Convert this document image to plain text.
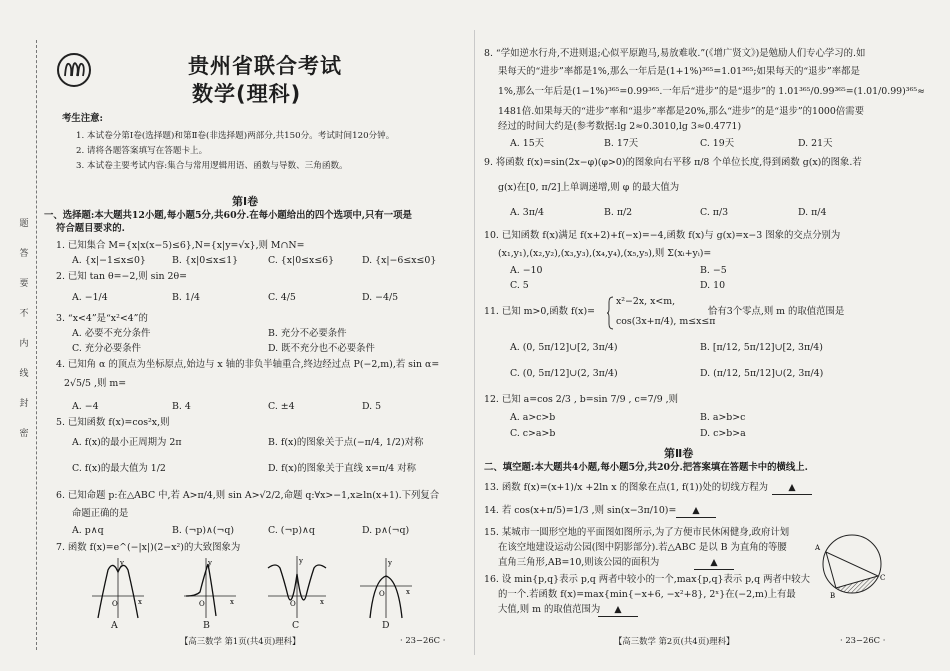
题
答
要
不
内
线
封
密
贵州省联合考试
数学(理科)
考生注意:
1. 本试卷分第Ⅰ卷(选择题)和第Ⅱ卷(非选择题)两部分,共150分。考试时间120分钟。
2. 请将各题答案填写在答题卡上。
3. 本试卷主要考试内容:集合与常用逻辑用语、函数与导数、三角函数。
第Ⅰ卷
一、选择题:本大题共12小题,每小题5分,共60分.在每小题给出的四个选项中,只有一项是
符合题目要求的.
1. 已知集合 M={x|x(x−5)≤6},N={x|y=√x},则 M∩N=
A. {x|−1≤x≤0}	B. {x|0≤x≤1}	C. {x|0≤x≤6}	D. {x|−6≤x≤0}
2. 已知 tan θ=−2,则 sin 2θ=
A. −1/4	B. 1/4	C. 4/5	D. −4/5
3. “x<4”是“x²<4”的
A. 必要不充分条件	B. 充分不必要条件
C. 充分必要条件	D. 既不充分也不必要条件
4. 已知角 α 的顶点为坐标原点,始边与 x 轴的非负半轴重合,终边经过点 P(−2,m),若 sin α=
2√5/5 ,则 m=
A. −4	B. 4	C. ±4	D. 5
5. 已知函数 f(x)=cos²x,则
A. f(x)的最小正周期为 2π	B. f(x)的图象关于点(−π/4, 1/2)对称
C. f(x)的最大值为 1/2	D. f(x)的图象关于直线 x=π/4 对称
6. 已知命题 p:在△ABC 中,若 A>π/4,则 sin A>√2/2,命题 q:∀x>−1,x≥ln(x+1).下列复合
命题正确的是
A. p∧q	B. (¬p)∧(¬q)	C. (¬p)∧q	D. p∧(¬q)
7. 函数 f(x)=e^(−|x|)(2−x²)的大致图象为
y
x
O
y
x
O
y
x
O
y
x
O
A	B	C	D
【高三数学 第1页(共4页)理科】	· 23−26C ·
8. “学如逆水行舟,不进则退;心似平原跑马,易放难收.”(《增广贤文》)是勉励人们专心学习的.如
果每天的“进步”率都是1%,那么一年后是(1+1%)³⁶⁵=1.01³⁶⁵;如果每天的“退步”率都是
1%,那么一年后是(1−1%)³⁶⁵=0.99³⁶⁵.一年后“进步”的是“退步”的 1.01³⁶⁵/0.99³⁶⁵=(1.01/0.99)³⁶⁵≈
1481倍.如果每天的“进步”率和“退步”率都是20%,那么“进步”的是“退步”的1000倍需要
经过的时间大约是(参考数据:lg 2≈0.3010,lg 3≈0.4771)
A. 15天	B. 17天	C. 19天	D. 21天
9. 将函数 f(x)=sin(2x−φ)(φ>0)的图象向右平移 π/8 个单位长度,得到函数 g(x)的图象.若
g(x)在[0, π/2]上单调递增,则 φ 的最大值为
A. 3π/4	B. π/2	C. π/3	D. π/4
10. 已知函数 f(x)满足 f(x+2)+f(−x)=−4,函数 f(x)与 g(x)=x−3 图象的交点分别为
(x₁,y₁),(x₂,y₂),(x₃,y₃),(x₄,y₄),(x₅,y₅),则 Σ(xᵢ+yᵢ)=
A. −10	B. −5
C. 5	D. 10
11. 已知 m>0,函数 f(x)=
x²−2x, x<m,
cos(3x+π/4), m≤x≤π
恰有3个零点,则 m 的取值范围是
A. (0, 5π/12]∪[2, 3π/4)	B. [π/12, 5π/12]∪[2, 3π/4)
C. (0, 5π/12]∪(2, 3π/4)	D. (π/12, 5π/12]∪(2, 3π/4)
12. 已知 a=cos 2/3 , b=sin 7/9 , c=7/9 ,则
A. a>c>b	B. a>b>c
C. c>a>b	D. c>b>a
第Ⅱ卷
二、填空题:本大题共4小题,每小题5分,共20分.把答案填在答题卡中的横线上.
13. 函数 f(x)=(x+1)/x +2ln x 的图象在点(1, f(1))处的切线方程为	▲
14. 若 cos(x+π/5)=1/3 ,则 sin(x−3π/10)=	▲
15. 某城市一圆形空地的平面图如图所示,为了方便市民休闲健身,政府计划
在该空地建设运动公园(图中阴影部分).若△ABC 是以 B 为直角的等腰
直角三角形,AB=10,则该公园的面积为	▲
A
B
C
16. 设 min{p,q}表示 p,q 两者中较小的一个,max{p,q}表示 p,q 两者中较大
的一个.若函数 f(x)=max{min{−x+6, −x²+8}, 2ˣ}在(−2,m)上有最
大值,则 m 的取值范围为	▲
【高三数学 第2页(共4页)理科】	· 23−26C ·
